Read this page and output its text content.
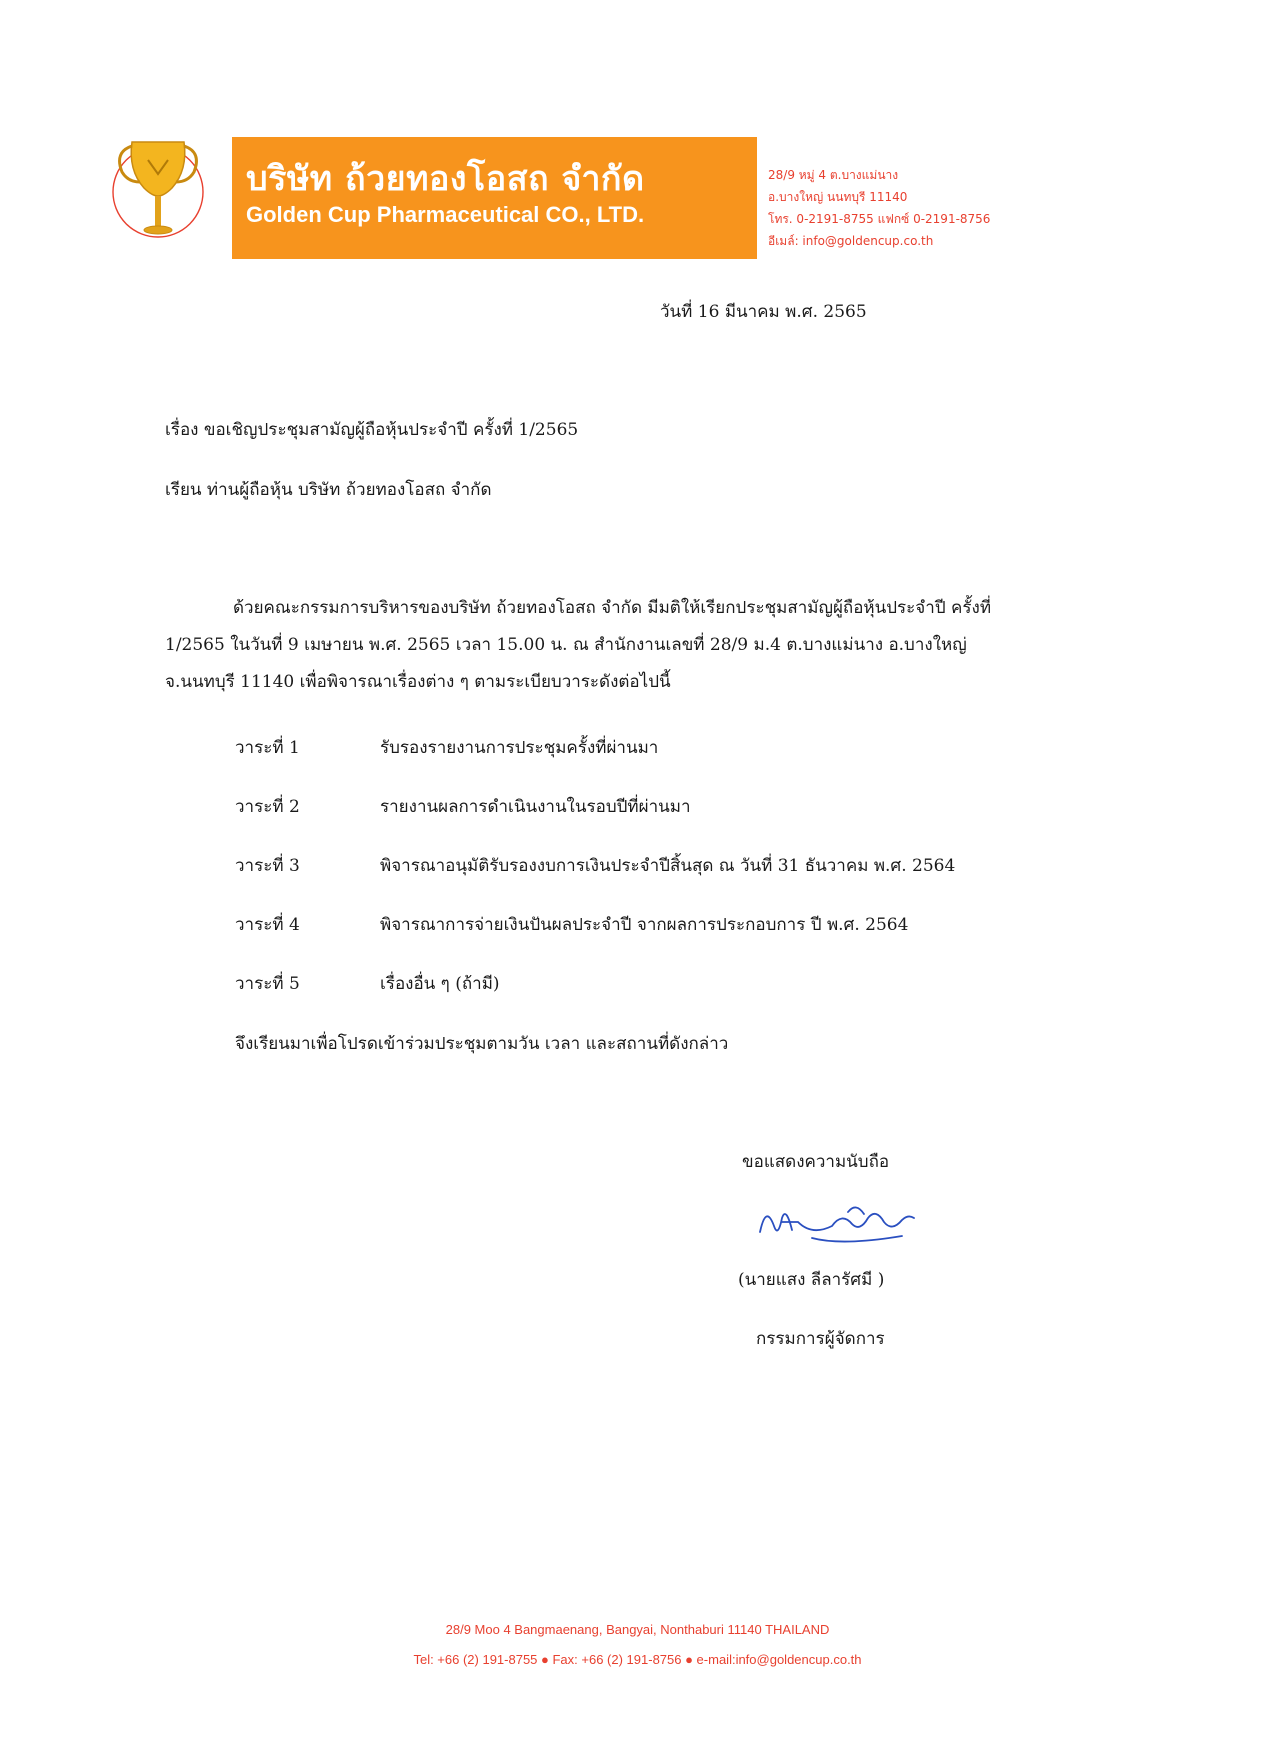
บริษัท ถ้วยทองโอสถ จำกัด
Golden Cup Pharmaceutical CO., LTD.
28/9 หมู่ 4 ต.บางแม่นาง
อ.บางใหญ่ นนทบุรี 11140
โทร. 0-2191-8755 แฟกซ์ 0-2191-8756
อีเมล์: info@goldencup.co.th
วันที่ 16 มีนาคม พ.ศ. 2565
เรื่อง ขอเชิญประชุมสามัญผู้ถือหุ้นประจำปี ครั้งที่ 1/2565
เรียน ท่านผู้ถือหุ้น บริษัท ถ้วยทองโอสถ จำกัด
ด้วยคณะกรรมการบริหารของบริษัท ถ้วยทองโอสถ จำกัด มีมติให้เรียกประชุมสามัญผู้ถือหุ้นประจำปี ครั้งที่
1/2565 ในวันที่ 9 เมษายน พ.ศ. 2565 เวลา 15.00 น. ณ สำนักงานเลขที่ 28/9 ม.4 ต.บางแม่นาง อ.บางใหญ่
จ.นนทบุรี 11140 เพื่อพิจารณาเรื่องต่าง ๆ ตามระเบียบวาระดังต่อไปนี้
วาระที่ 1	รับรองรายงานการประชุมครั้งที่ผ่านมา
วาระที่ 2	รายงานผลการดำเนินงานในรอบปีที่ผ่านมา
วาระที่ 3	พิจารณาอนุมัติรับรองงบการเงินประจำปีสิ้นสุด ณ วันที่ 31 ธันวาคม พ.ศ. 2564
วาระที่ 4	พิจารณาการจ่ายเงินปันผลประจำปี จากผลการประกอบการ ปี พ.ศ. 2564
วาระที่ 5	เรื่องอื่น ๆ (ถ้ามี)
จึงเรียนมาเพื่อโปรดเข้าร่วมประชุมตามวัน เวลา และสถานที่ดังกล่าว
ขอแสดงความนับถือ
(นายแสง ลีลารัศมี )
กรรมการผู้จัดการ
28/9 Moo 4 Bangmaenang, Bangyai, Nonthaburi 11140 THAILAND
Tel: +66 (2) 191-8755 ● Fax: +66 (2) 191-8756 ● e-mail:info@goldencup.co.th
